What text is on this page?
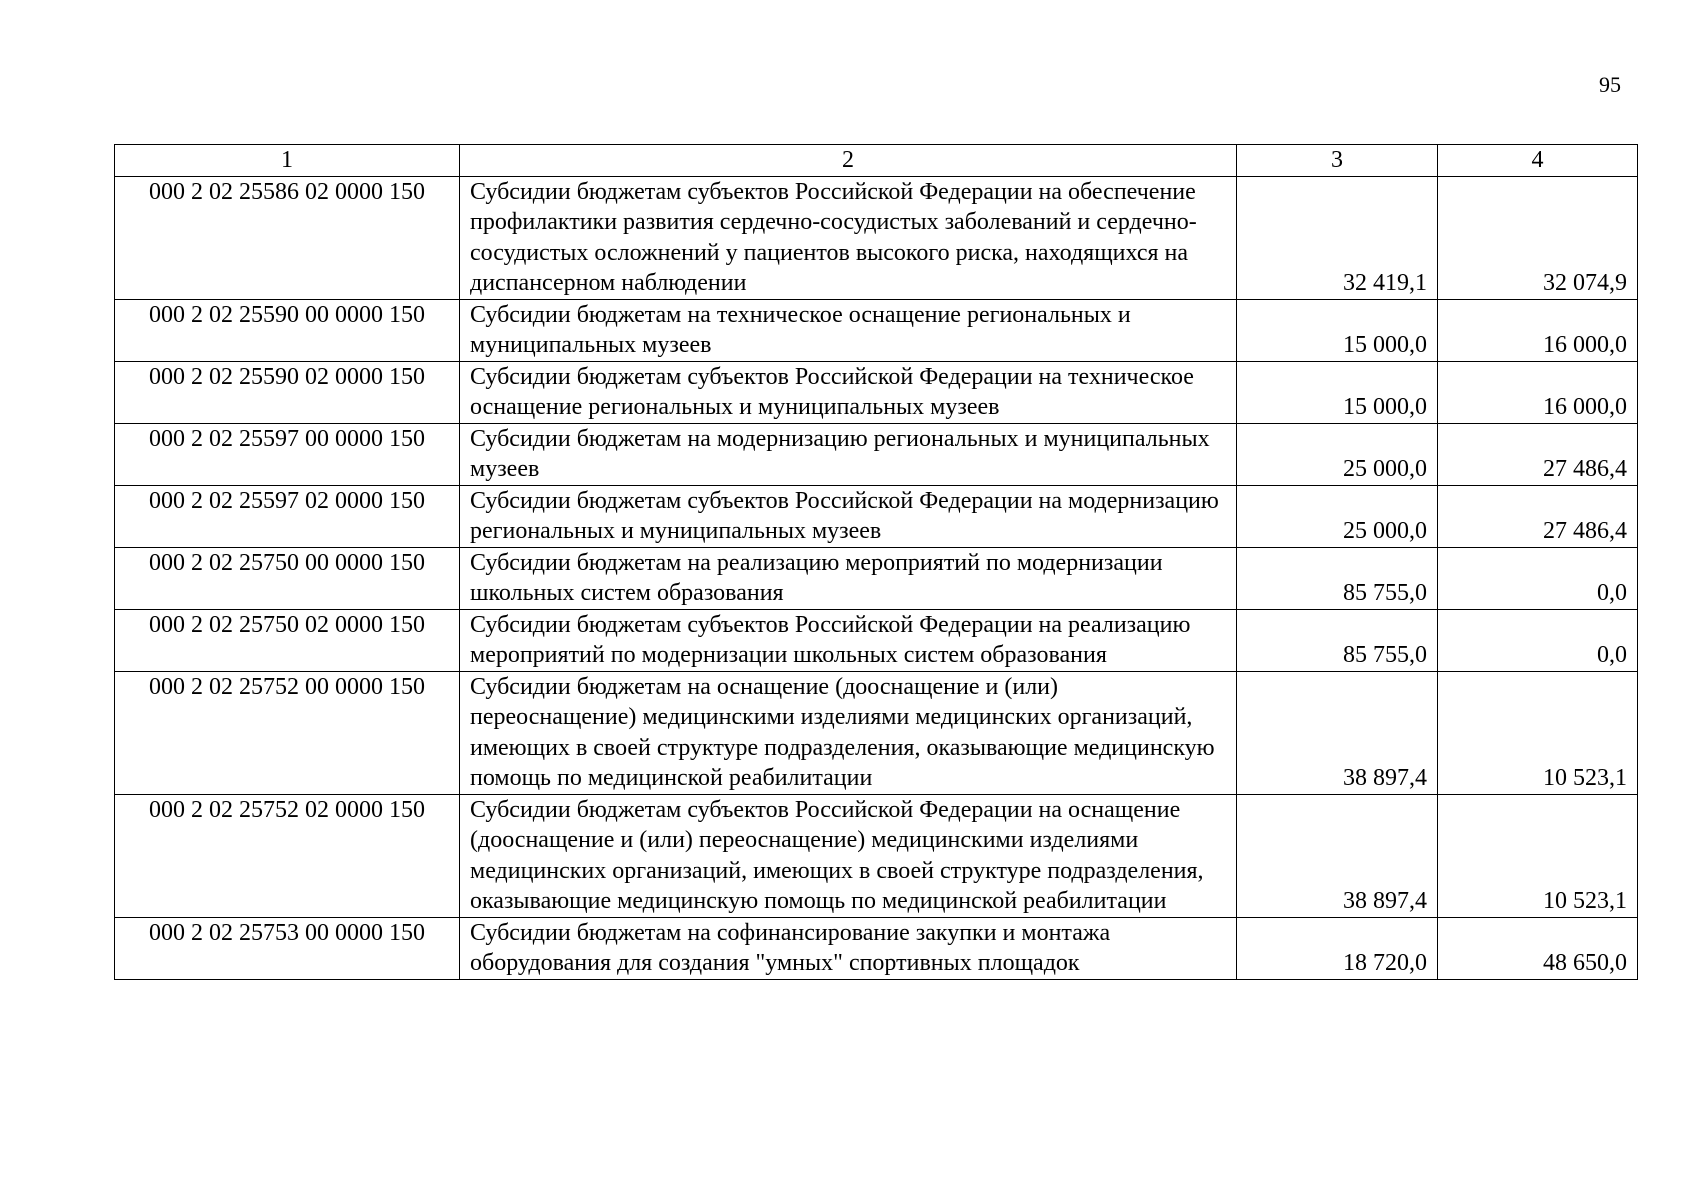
95
1	2	3	4
000 2 02 25586 02 0000 150	Субсидии бюджетам субъектов Российской Федерации на обеспечение профилактики развития сердечно-сосудистых заболеваний и сердечно-сосудистых осложнений у пациентов высокого риска, находящихся на диспансерном наблюдении	32 419,1	32 074,9
000 2 02 25590 00 0000 150	Субсидии бюджетам на техническое оснащение региональных и муниципальных музеев	15 000,0	16 000,0
000 2 02 25590 02 0000 150	Субсидии бюджетам субъектов Российской Федерации на техническое оснащение региональных и муниципальных музеев	15 000,0	16 000,0
000 2 02 25597 00 0000 150	Субсидии бюджетам на модернизацию региональных и муниципальных музеев	25 000,0	27 486,4
000 2 02 25597 02 0000 150	Субсидии бюджетам субъектов Российской Федерации на модернизацию региональных и муниципальных музеев	25 000,0	27 486,4
000 2 02 25750 00 0000 150	Субсидии бюджетам на реализацию мероприятий по модернизации школьных систем образования	85 755,0	0,0
000 2 02 25750 02 0000 150	Субсидии бюджетам субъектов Российской Федерации на реализацию мероприятий по модернизации школьных систем образования	85 755,0	0,0
000 2 02 25752 00 0000 150	Субсидии бюджетам на оснащение (дооснащение и (или) переоснащение) медицинскими изделиями медицинских организаций, имеющих в своей структуре подразделения, оказывающие медицинскую помощь по медицинской реабилитации	38 897,4	10 523,1
000 2 02 25752 02 0000 150	Субсидии бюджетам субъектов Российской Федерации на оснащение (дооснащение и (или) переоснащение) медицинскими изделиями медицинских организаций, имеющих в своей структуре подразделения, оказывающие медицинскую помощь по медицинской реабилитации	38 897,4	10 523,1
000 2 02 25753 00 0000 150	Субсидии бюджетам на софинансирование закупки и монтажа оборудования для создания "умных" спортивных площадок	18 720,0	48 650,0
